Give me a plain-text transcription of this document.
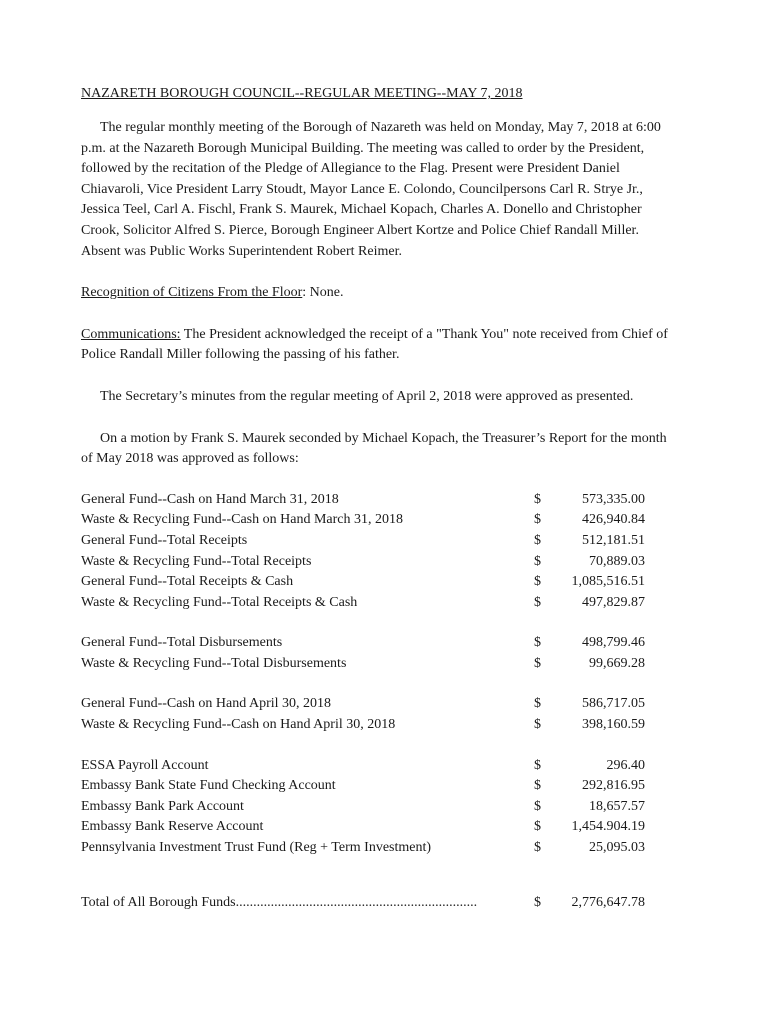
NAZARETH BOROUGH COUNCIL--REGULAR MEETING--MAY 7, 2018

The regular monthly meeting of the Borough of Nazareth was held on Monday, May 7, 2018 at 6:00 p.m. at the Nazareth Borough Municipal Building. The meeting was called to order by the President, followed by the recitation of the Pledge of Allegiance to the Flag. Present were President Daniel Chiavaroli, Vice President Larry Stoudt, Mayor Lance E. Colondo, Councilpersons Carl R. Strye Jr., Jessica Teel, Carl A. Fischl, Frank S. Maurek, Michael Kopach, Charles A. Donello and Christopher Crook, Solicitor Alfred S. Pierce, Borough Engineer Albert Kortze and Police Chief Randall Miller. Absent was Public Works Superintendent Robert Reimer.

Recognition of Citizens From the Floor: None.

Communications: The President acknowledged the receipt of a "Thank You" note received from Chief of Police Randall Miller following the passing of his father.

The Secretary’s minutes from the regular meeting of April 2, 2018 were approved as presented.

On a motion by Frank S. Maurek seconded by Michael Kopach, the Treasurer’s Report for the month of May 2018 was approved as follows:

General Fund--Cash on Hand March 31, 2018	$	573,335.00
Waste & Recycling Fund--Cash on Hand March 31, 2018	$	426,940.84
General Fund--Total Receipts	$	512,181.51
Waste & Recycling Fund--Total Receipts	$	70,889.03
General Fund--Total Receipts & Cash	$ 1,085,516.51
Waste & Recycling Fund--Total Receipts & Cash	$	497,829.87
General Fund--Total Disbursements	$	498,799.46
Waste & Recycling Fund--Total Disbursements	$	99,669.28
General Fund--Cash on Hand April 30, 2018	$	586,717.05
Waste & Recycling Fund--Cash on Hand April 30, 2018	$	398,160.59
ESSA Payroll Account	$	296.40
Embassy Bank State Fund Checking Account	$	292,816.95
Embassy Bank Park Account	$	18,657.57
Embassy Bank Reserve Account	$ 1,454.904.19
Pennsylvania Investment Trust Fund (Reg + Term Investment)	$	25,095.03
Total of All Borough Funds.....................................................................	$ 2,776,647.78
